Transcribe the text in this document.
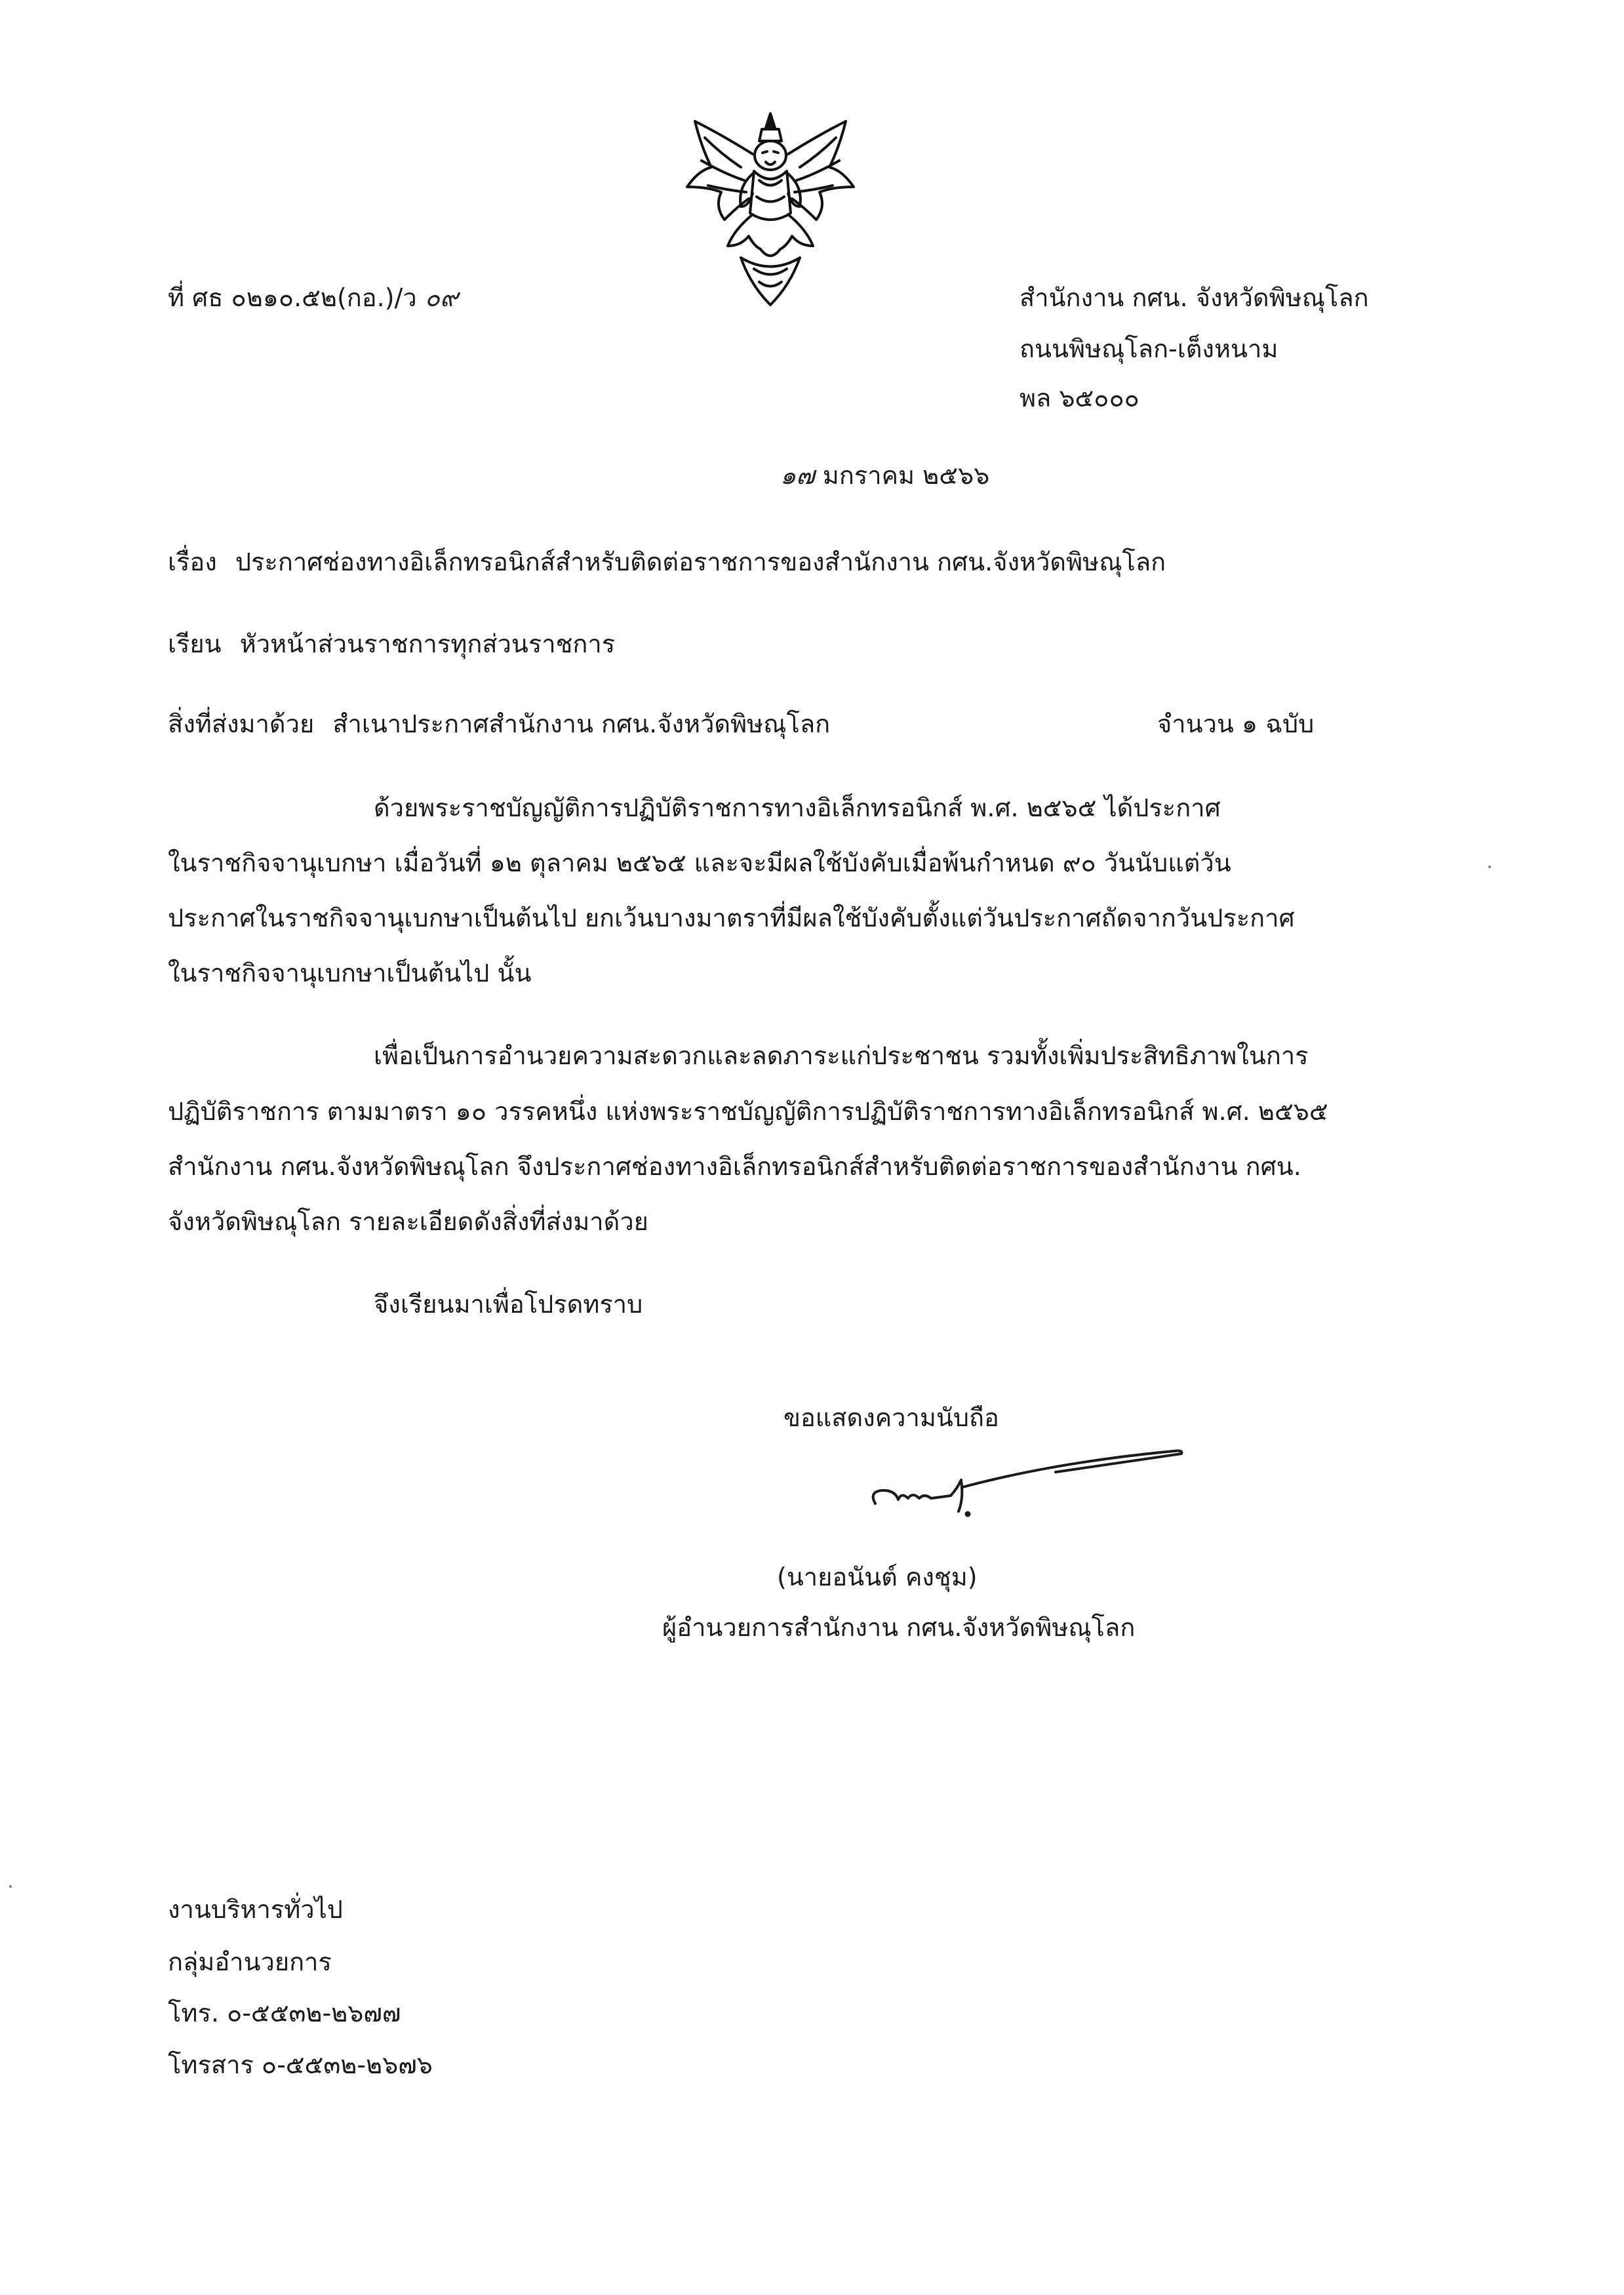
ที่ ศธ ๐๒๑๐.๕๒(กอ.)/ว ๐๙	สำนักงาน กศน. จังหวัดพิษณุโลก
ถนนพิษณุโลก-เต็งหนาม
พล ๖๕๐๐๐
๑๗ มกราคม ๒๕๖๖
เรื่อง ประกาศช่องทางอิเล็กทรอนิกส์สำหรับติดต่อราชการของสำนักงาน กศน.จังหวัดพิษณุโลก
เรียน หัวหน้าส่วนราชการทุกส่วนราชการ
สิ่งที่ส่งมาด้วย สำเนาประกาศสำนักงาน กศน.จังหวัดพิษณุโลก	จำนวน ๑ ฉบับ
ด้วยพระราชบัญญัติการปฏิบัติราชการทางอิเล็กทรอนิกส์ พ.ศ. ๒๕๖๕ ได้ประกาศ
ในราชกิจจานุเบกษา เมื่อวันที่ ๑๒ ตุลาคม ๒๕๖๕ และจะมีผลใช้บังคับเมื่อพ้นกำหนด ๙๐ วันนับแต่วัน
ประกาศในราชกิจจานุเบกษาเป็นต้นไป ยกเว้นบางมาตราที่มีผลใช้บังคับตั้งแต่วันประกาศถัดจากวันประกาศ
ในราชกิจจานุเบกษาเป็นต้นไป นั้น
เพื่อเป็นการอำนวยความสะดวกและลดภาระแก่ประชาชน รวมทั้งเพิ่มประสิทธิภาพในการ
ปฏิบัติราชการ ตามมาตรา ๑๐ วรรคหนึ่ง แห่งพระราชบัญญัติการปฏิบัติราชการทางอิเล็กทรอนิกส์ พ.ศ. ๒๕๖๕
สำนักงาน กศน.จังหวัดพิษณุโลก จึงประกาศช่องทางอิเล็กทรอนิกส์สำหรับติดต่อราชการของสำนักงาน กศน.
จังหวัดพิษณุโลก รายละเอียดดังสิ่งที่ส่งมาด้วย
จึงเรียนมาเพื่อโปรดทราบ
ขอแสดงความนับถือ
(นายอนันต์ คงชุม)
ผู้อำนวยการสำนักงาน กศน.จังหวัดพิษณุโลก
งานบริหารทั่วไป
กลุ่มอำนวยการ
โทร. ๐-๕๕๓๒-๒๖๗๗
โทรสาร ๐-๕๕๓๒-๒๖๗๖
